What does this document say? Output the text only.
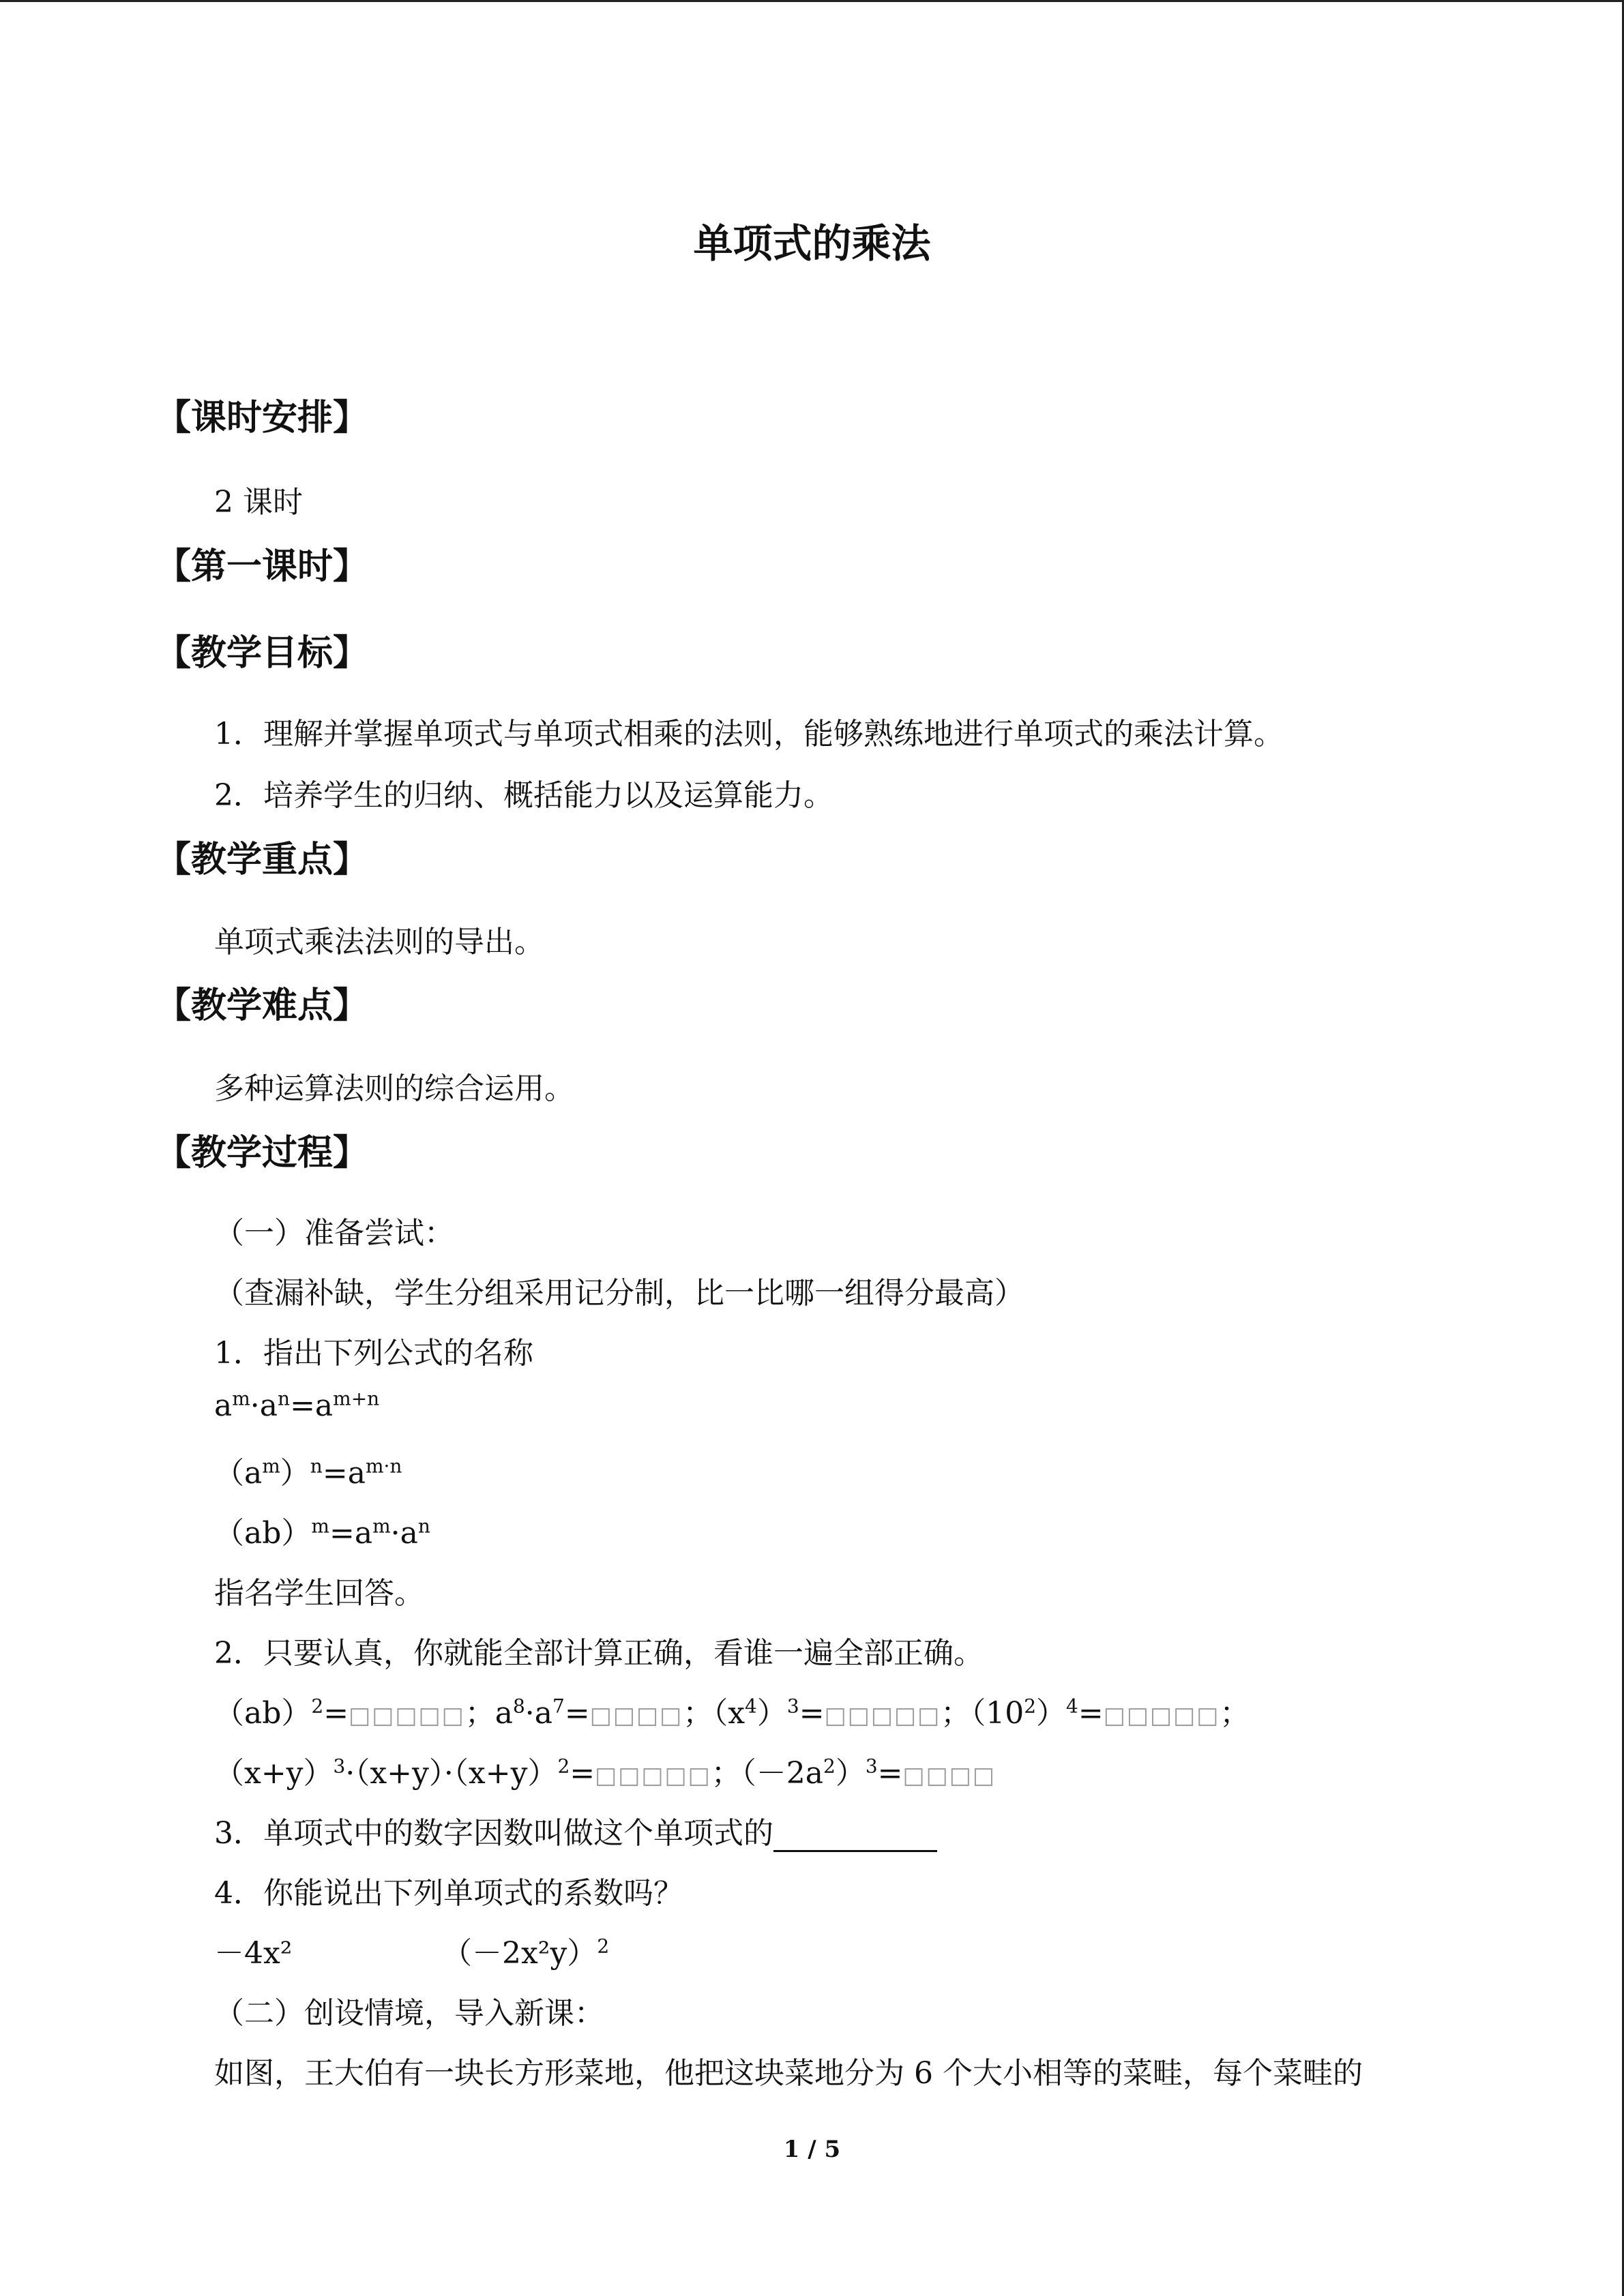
单项式的乘法
【课时安排】
2 课时
【第一课时】
【教学目标】
1．理解并掌握单项式与单项式相乘的法则，能够熟练地进行单项式的乘法计算。
2．培养学生的归纳、概括能力以及运算能力。
【教学重点】
单项式乘法法则的导出。
【教学难点】
多种运算法则的综合运用。
【教学过程】
（一）准备尝试：
（查漏补缺，学生分组采用记分制，比一比哪一组得分最高）
1．指出下列公式的名称
$a^m\cdot a^n=a^{m+n}$
$(a^m)^n=a^{m\cdot n}$
$(ab)^m=a^m\cdot a^n$
指名学生回答。
2．只要认真，你就能全部计算正确，看谁一遍全部正确。
（ab）$^2$=□□□□□；$a^8\cdot a^7=□□□□$；$(x^4)^3=□□□□□$；$(10^2)^4=□□□□□$；
$(x+y)^3\cdot(x+y)\cdot(x+y)^2=□□□□□$；$(-2a^2)^3=□□□□$
3．单项式中的数字因数叫做这个单项式的
4．你能说出下列单项式的系数吗？
－4x²	$(-2x^2y)^2$
（二）创设情境，导入新课：
如图，王大伯有一块长方形菜地，他把这块菜地分为 6 个大小相等的菜畦，每个菜畦的
1 / 5
